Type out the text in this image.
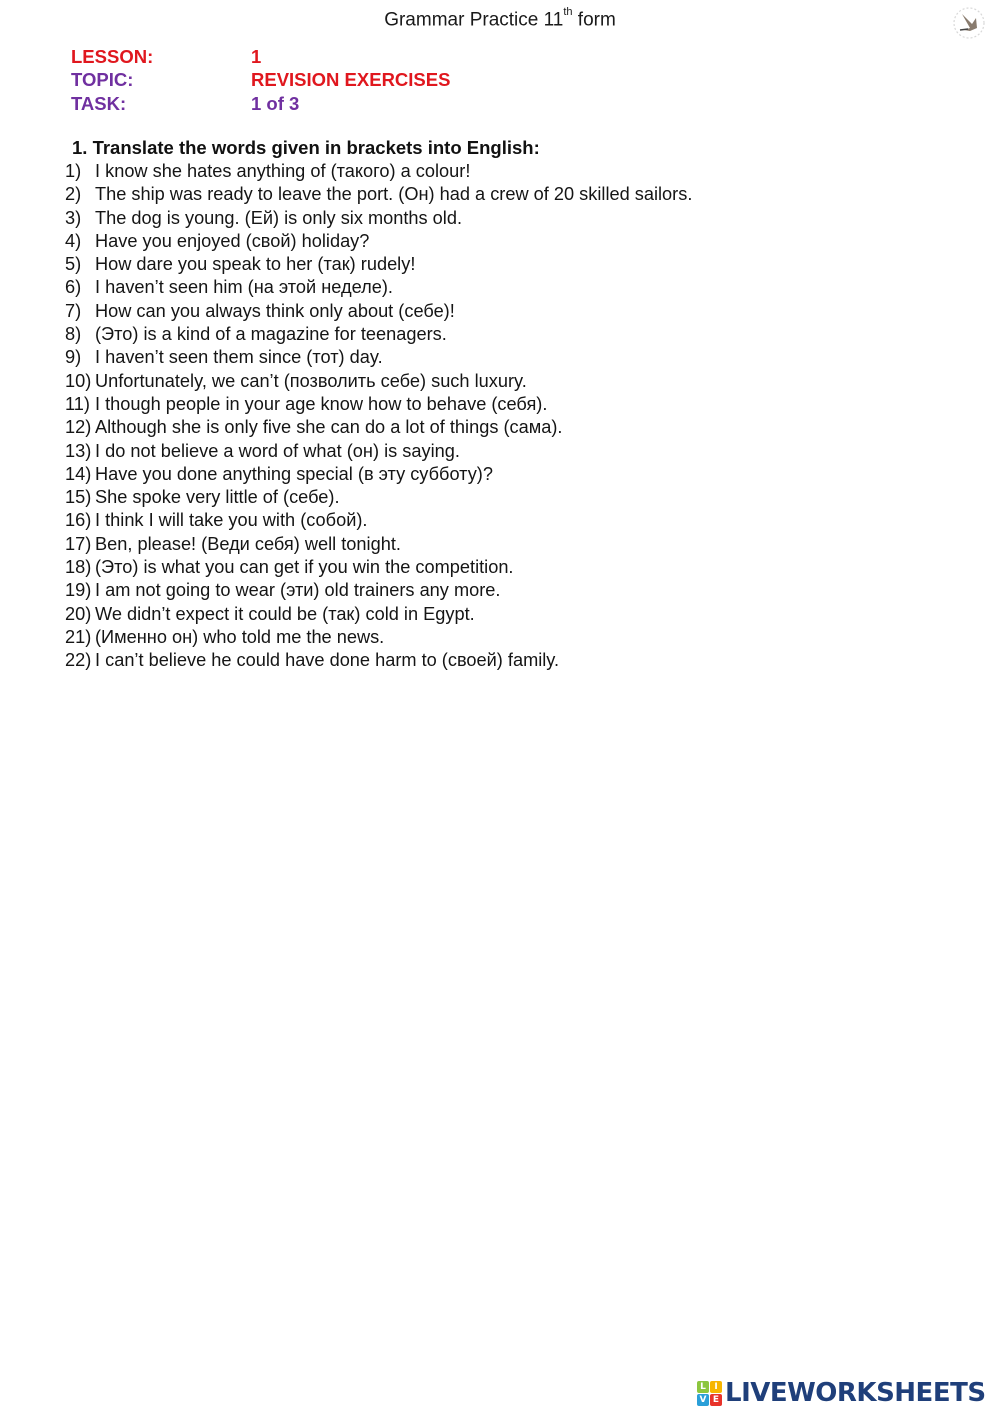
Grammar Practice 11th form
LESSON:	1
TOPIC:	REVISION EXERCISES
TASK:	1 of 3
1. Translate the words given in brackets into English:
1) I know she hates anything of (такого) a colour!
2) The ship was ready to leave the port. (Он) had a crew of 20 skilled sailors.
3) The dog is young. (Ей) is only six months old.
4) Have you enjoyed (свой) holiday?
5) How dare you speak to her (так) rudely!
6) I haven’t seen him (на этой неделе).
7) How can you always think only about (себе)!
8) (Это) is a kind of a magazine for teenagers.
9) I haven’t seen them since (тот) day.
10) Unfortunately, we can’t (позволить себе) such luxury.
11) I though people in your age know how to behave (себя).
12) Although she is only five she can do a lot of things (сама).
13) I do not believe a word of what (он) is saying.
14) Have you done anything special (в эту субботу)?
15) She spoke very little of (себе).
16) I think I will take you with (собой).
17) Ben, please! (Веди себя) well tonight.
18) (Это) is what you can get if you win the competition.
19) I am not going to wear (эти) old trainers any more.
20) We didn’t expect it could be (так) cold in Egypt.
21) (Именно он) who told me the news.
22) I can’t believe he could have done harm to (своей) family.
L I
V E LIVEWORKSHEETS
